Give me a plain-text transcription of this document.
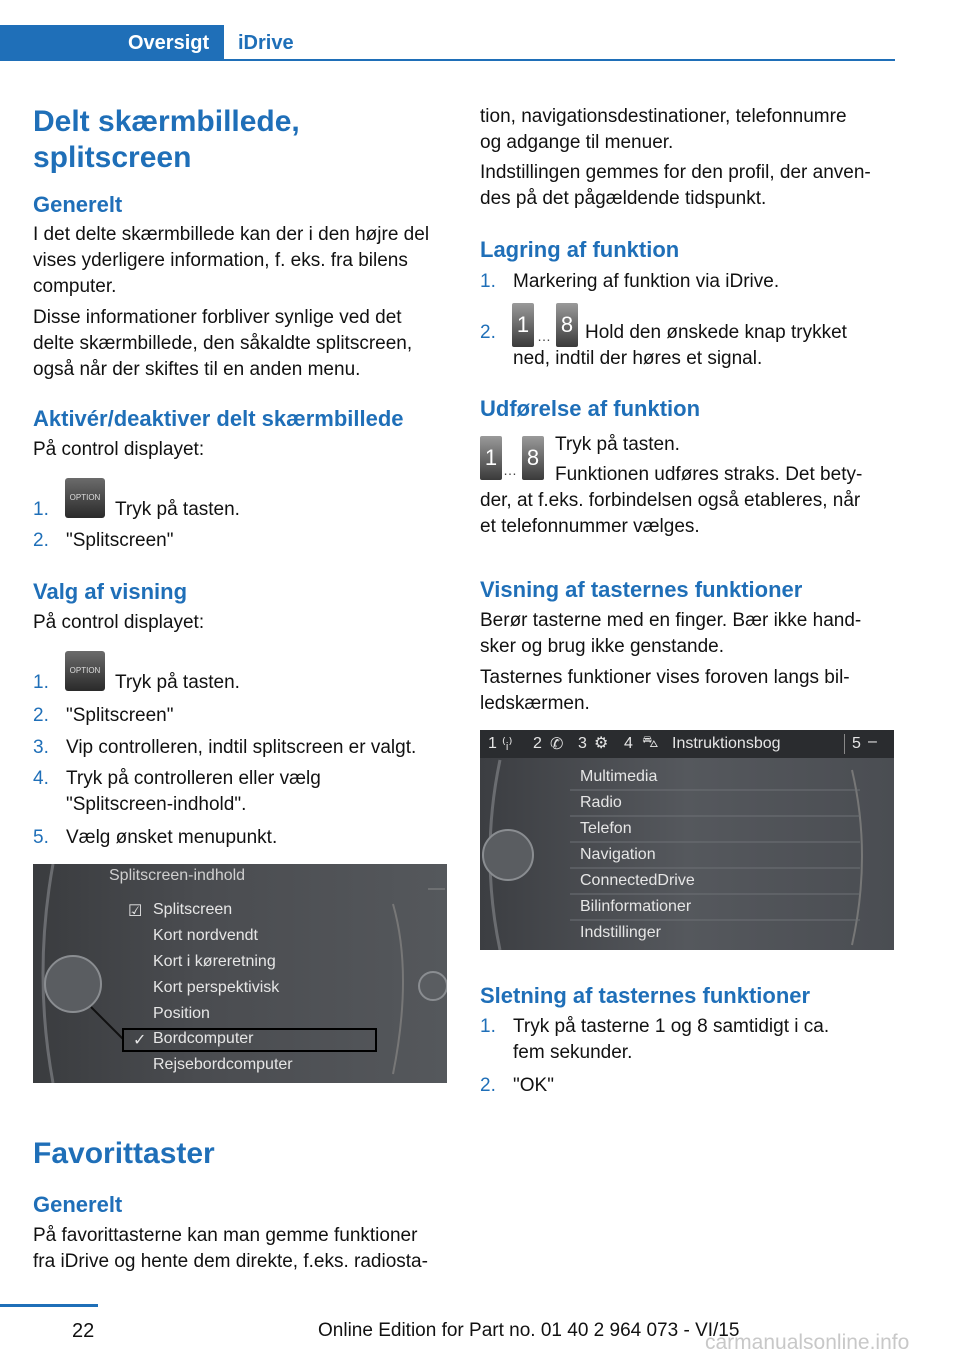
Oversigt iDrive
Delt skærmbillede,
splitscreen
Generelt
I det delte skærmbillede kan der i den højre del
vises yderligere information, f. eks. fra bilens
computer.
Disse informationer forbliver synlige ved det
delte skærmbillede, den såkaldte splitscreen,
også når der skiftes til en anden menu.
Aktivér/deaktiver delt skærmbillede
På control displayet:
1.
OPTION
Tryk på tasten.
2. "Splitscreen"
Valg af visning
På control displayet:
1.
OPTION
Tryk på tasten.
2. "Splitscreen"
3. Vip controlleren, indtil splitscreen er valgt.
4. Tryk på controlleren eller vælg
"Splitscreen-indhold".
5. Vælg ønsket menupunkt.
Splitscreen-indhold
☑ Splitscreen
Kort nordvendt
Kort i køreretning
Kort perspektivisk
Position
✓ Bordcomputer
Rejsebordcomputer
Favorittaster
Generelt
På favorittasterne kan man gemme funktioner
fra iDrive og hente dem direkte, f.eks. radiosta-
tion, navigationsdestinationer, telefonnumre
og adgange til menuer.
Indstillingen gemmes for den profil, der anven-
des på det pågældende tidspunkt.
Lagring af funktion
1. Markering af funktion via iDrive.
2. 1 … 8 Hold den ønskede knap trykket
ned, indtil der høres et signal.
Udførelse af funktion
1 … 8
Tryk på tasten.
Funktionen udføres straks. Det bety-
der, at f.eks. forbindelsen også etableres, når
et telefonnummer vælges.
Visning af tasternes funktioner
Berør tasterne med en finger. Bær ikke hand-
sker og brug ikke genstande.
Tasternes funktioner vises foroven langs bil-
ledskærmen.
1 ⁽ᵢ⁾ 2 ✆ 3 ⚙ 4 ⛍ Instruktionsbog	5 –
Multimedia
Radio
Telefon
Navigation
ConnectedDrive
Bilinformationer
Indstillinger
Sletning af tasternes funktioner
1. Tryk på tasterne 1 og 8 samtidigt i ca.
fem sekunder.
2. "OK"
22	Online Edition for Part no. 01 40 2 964 073 - VI/15
carmanualsonline.info
